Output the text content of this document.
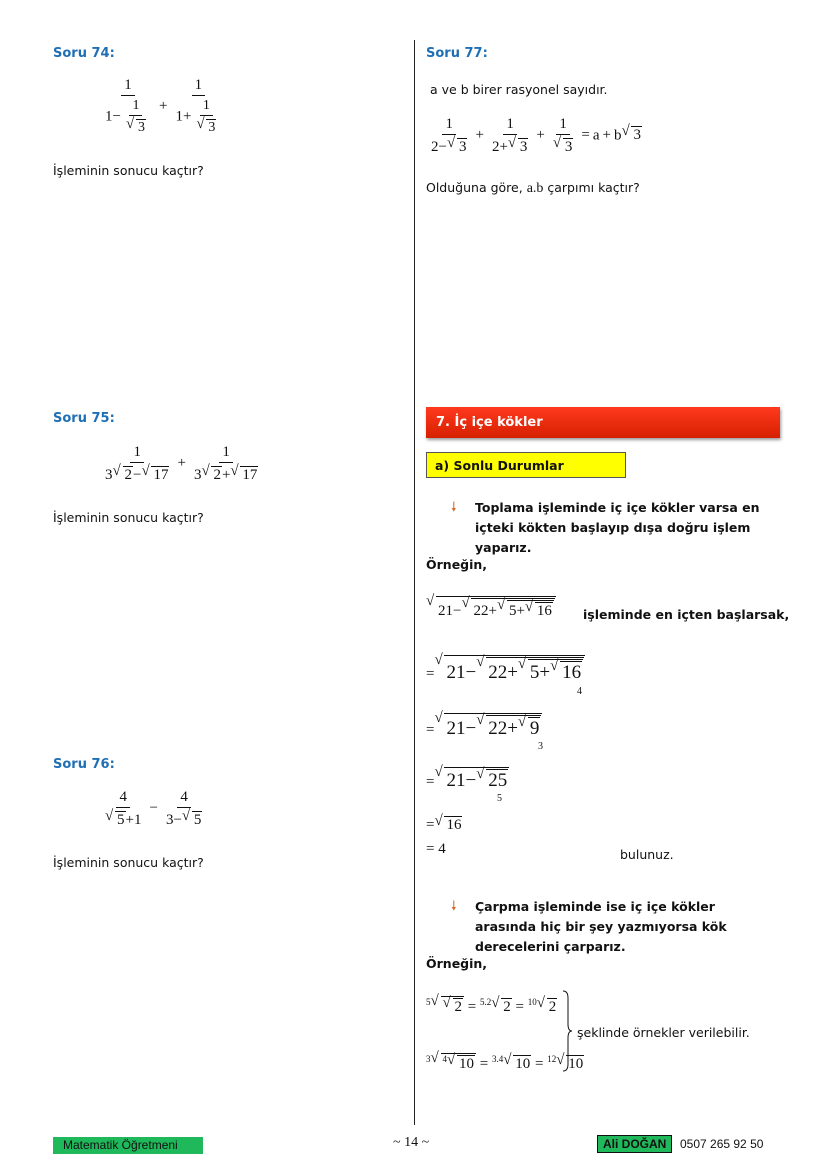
Soru 74:
1
1− 1
√ 3 + 1
1+ 1
√ 3
İşleminin sonucu kaçtır?
Soru 75:
$\frac{1}{3 √ 2- √ 17} + \frac{1}{3 √ 2+ √ 17}$
İşleminin sonucu kaçtır?
Soru 76:
4
√ $5+1 - \frac{4}{3- √ 5}$
İşleminin sonucu kaçtır?
Soru 77:
a ve b birer rasyonel sayıdır.
$\frac{1}{2- √ 3} + \frac{1}{2+ √ 3} + 1$
√ 3 = a + b √ 3
Olduğuna göre, a.b çarpımı kaçtır?
7. İç içe kökler
a) Sonlu Durumlar
🠗 Toplama işleminde iç içe kökler varsa en içteki kökten başlayıp dışa doğru işlem yaparız.
Örneğin,
√ 21− √ 22+ √ 5+ √ 16	işleminde en içten başlarsak,
= √ 21− √ 22+ √ 5+ √ 16
4
= √ 21− √ 22+ √ 9
3
= √ 21− √ 25
5
= √ 16
= 4	bulunuz.
🠗 Çarpma işleminde ise iç içe kökler arasında hiç bir şey yazmıyorsa kök derecelerini çarparız.
Örneğin,
$^5$ √ √ 2 = $^{5.2}$ √ 2 = $^{10}$ √ 2
$^3$ √ $^4$ √ 10 = $^{3.4}$ √ 10 = $^{12}$ √ 10
şeklinde örnekler verilebilir.
Matematik Öğretmeni	~ 14 ~	Ali DOĞAN	0507 265 92 50
